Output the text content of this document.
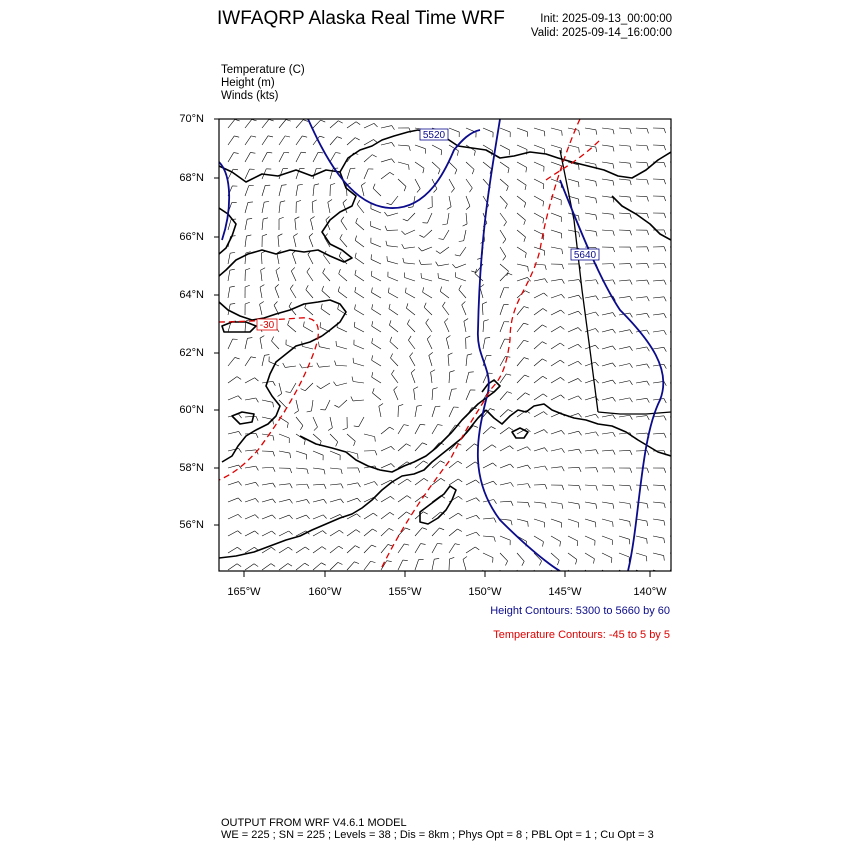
IWFAQRP Alaska Real Time WRF	Init: 2025-09-13_00:00:00
Valid: 2025-09-14_16:00:00
Temperature (C)
Height (m)
Winds (kts)
70°N
68°N
66°N
64°N
62°N
60°N
58°N
56°N
165°W	160°W	155°W	150°W	145°W	140°W
5520
5640
-30
Height Contours: 5300 to 5660 by 60
Temperature Contours: -45 to 5 by 5
OUTPUT FROM WRF V4.6.1 MODEL
WE = 225 ; SN = 225 ; Levels = 38 ; Dis = 8km ; Phys Opt = 8 ; PBL Opt = 1 ; Cu Opt = 3
